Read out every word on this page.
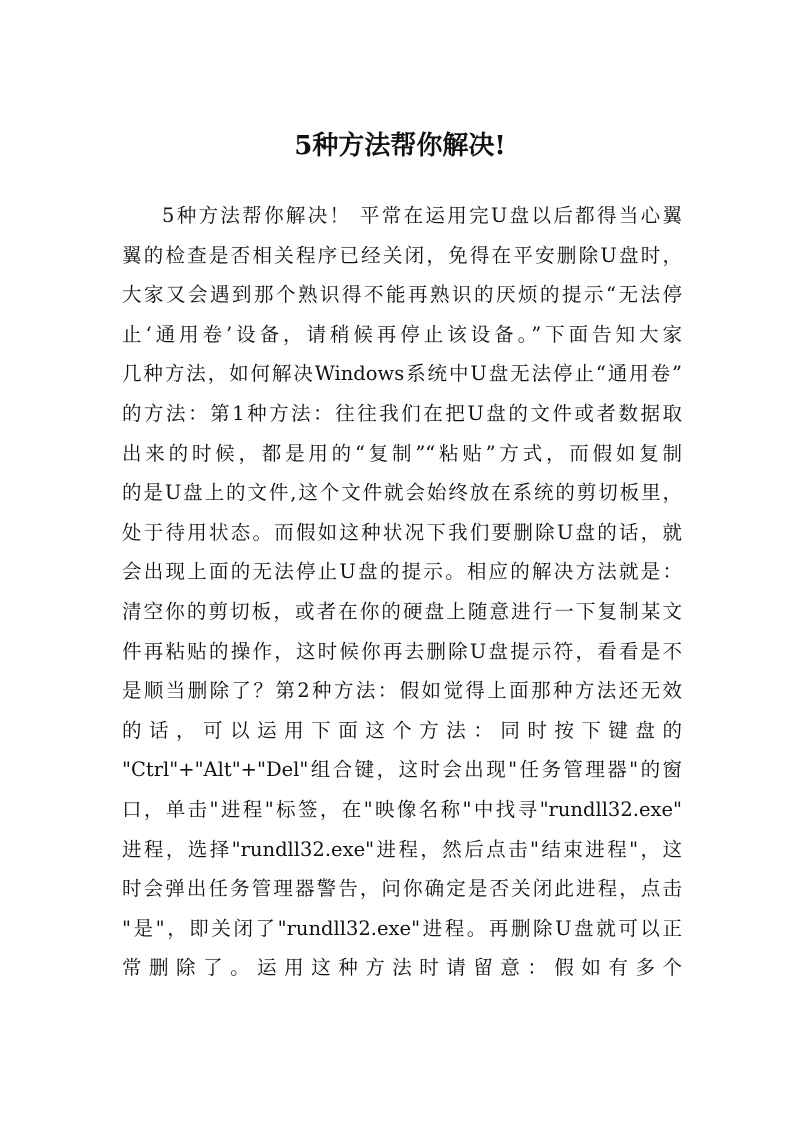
5种方法帮你解决!
5种方法帮你解决！ 平常在运用完U盘以后都得当心翼
翼的检查是否相关程序已经关闭，免得在平安删除U盘时，
大家又会遇到那个熟识得不能再熟识的厌烦的提示“无法停
止‘通用卷’设备，请稍候再停止该设备。”下面告知大家
几种方法，如何解决Windows系统中U盘无法停止“通用卷”
的方法：第1种方法：往往我们在把U盘的文件或者数据取
出来的时候，都是用的“复制”“粘贴”方式，而假如复制
的是U盘上的文件,这个文件就会始终放在系统的剪切板里，
处于待用状态。而假如这种状况下我们要删除U盘的话，就
会出现上面的无法停止U盘的提示。相应的解决方法就是：
清空你的剪切板，或者在你的硬盘上随意进行一下复制某文
件再粘贴的操作，这时候你再去删除U盘提示符，看看是不
是顺当删除了？第2种方法：假如觉得上面那种方法还无效
的话，可以运用下面这个方法：同时按下键盘的
"Ctrl"+"Alt"+"Del"组合键，这时会出现"任务管理器"的窗
口，单击"进程"标签，在"映像名称"中找寻"rundll32.exe"
进程，选择"rundll32.exe"进程，然后点击"结束进程"，这
时会弹出任务管理器警告，问你确定是否关闭此进程，点击
"是"，即关闭了"rundll32.exe"进程。再删除U盘就可以正
常删除了。运用这种方法时请留意：假如有多个
